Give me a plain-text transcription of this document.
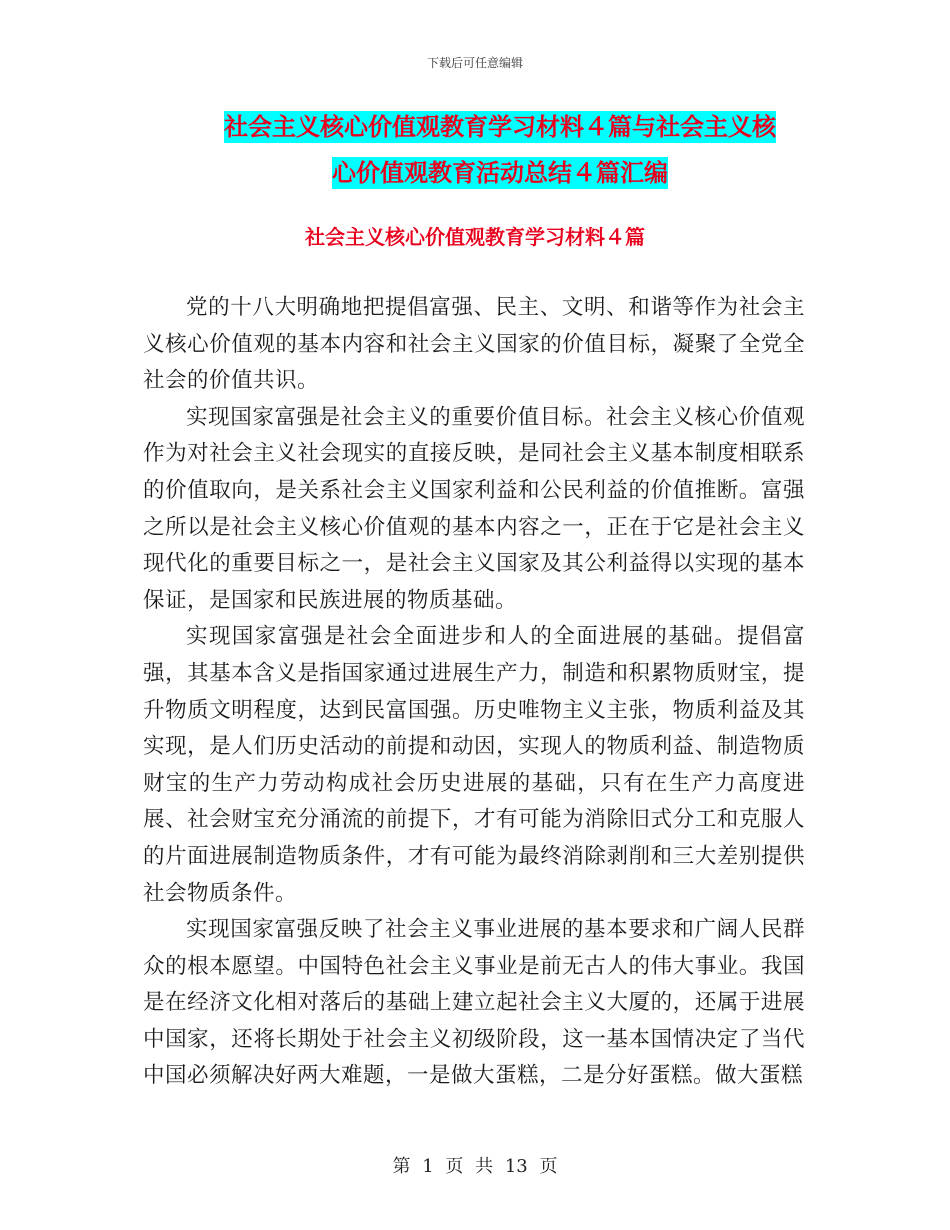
下载后可任意编辑
社会主义核心价值观教育学习材料４篇与社会主义核
心价值观教育活动总结４篇汇编
社会主义核心价值观教育学习材料４篇

党的十八大明确地把提倡富强、民主、文明、和谐等作为社会主义核心价值观的基本内容和社会主义国家的价值目标，凝聚了全党全社会的价值共识。

实现国家富强是社会主义的重要价值目标。社会主义核心价值观作为对社会主义社会现实的直接反映，是同社会主义基本制度相联系的价值取向，是关系社会主义国家利益和公民利益的价值推断。富强之所以是社会主义核心价值观的基本内容之一，正在于它是社会主义现代化的重要目标之一，是社会主义国家及其公利益得以实现的基本保证，是国家和民族进展的物质基础。

实现国家富强是社会全面进步和人的全面进展的基础。提倡富强，其基本含义是指国家通过进展生产力，制造和积累物质财宝，提升物质文明程度，达到民富国强。历史唯物主义主张，物质利益及其实现，是人们历史活动的前提和动因，实现人的物质利益、制造物质财宝的生产力劳动构成社会历史进展的基础，只有在生产力高度进展、社会财宝充分涌流的前提下，才有可能为消除旧式分工和克服人的片面进展制造物质条件，才有可能为最终消除剥削和三大差别提供社会物质条件。

实现国家富强反映了社会主义事业进展的基本要求和广阔人民群众的根本愿望。中国特色社会主义事业是前无古人的伟大事业。我国是在经济文化相对落后的基础上建立起社会主义大厦的，还属于进展中国家，还将长期处于社会主义初级阶段，这一基本国情决定了当代中国必须解决好两大难题，一是做大蛋糕，二是分好蛋糕。做大蛋糕

第 1 页 共 13 页
